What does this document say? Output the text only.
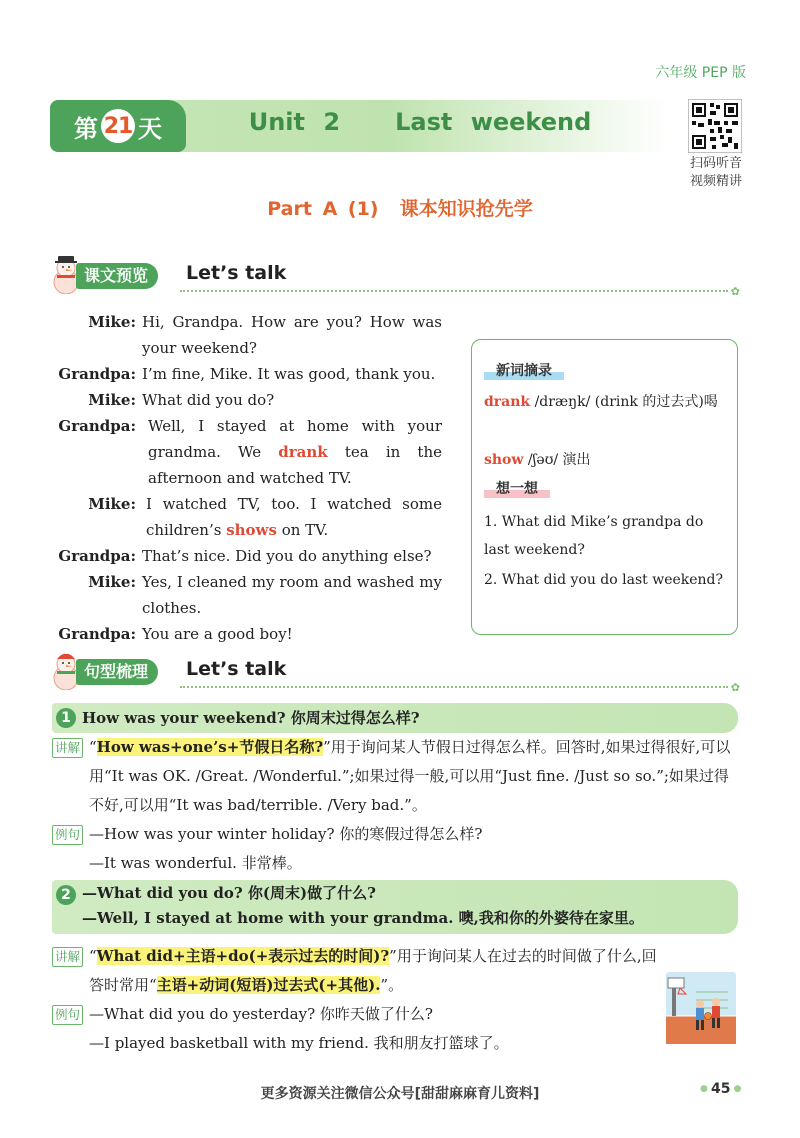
六年级 PEP 版
第 21 天	Unit 2   Last weekend
扫码听音
视频精讲
Part A (1)  课本知识抢先学
课文预览	Let’s talk
✿
Mike: Hi, Grandpa. How are you? How was your weekend?
Grandpa: I’m fine, Mike. It was good, thank you.
Mike: What did you do?
Grandpa: Well, I stayed at home with your grandma. We drank tea in the afternoon and watched TV.
Mike: I watched TV, too. I watched some children’s shows on TV.
Grandpa: That’s nice. Did you do anything else?
Mike: Yes, I cleaned my room and washed my clothes.
Grandpa: You are a good boy!
新词摘录
drank /dræŋk/ (drink 的过去式)喝
show /ʃəʊ/ 演出
想一想
1. What did Mike’s grandpa do last weekend?
2. What did you do last weekend?
句型梳理	Let’s talk
✿
1 How was your weekend? 你周末过得怎么样?
讲解 “How was+one’s+节假日名称?”用于询问某人节假日过得怎么样。回答时,如果过得很好,可以用“It was OK. /Great. /Wonderful.”;如果过得一般,可以用“Just fine. /Just so so.”;如果过得不好,可以用“It was bad/terrible. /Very bad.”。
例句 —How was your winter holiday? 你的寒假过得怎么样?
—It was wonderful. 非常棒。
2 —What did you do? 你(周末)做了什么?
—Well, I stayed at home with your grandma. 噢,我和你的外婆待在家里。
讲解 “What did+主语+do(+表示过去的时间)?”用于询问某人在过去的时间做了什么,回
答时常用“主语+动词(短语)过去式(+其他).”。
例句 —What did you do yesterday? 你昨天做了什么?
—I played basketball with my friend. 我和朋友打篮球了。
更多资源关注微信公众号[甜甜麻麻育儿资料]
●	45 ●
